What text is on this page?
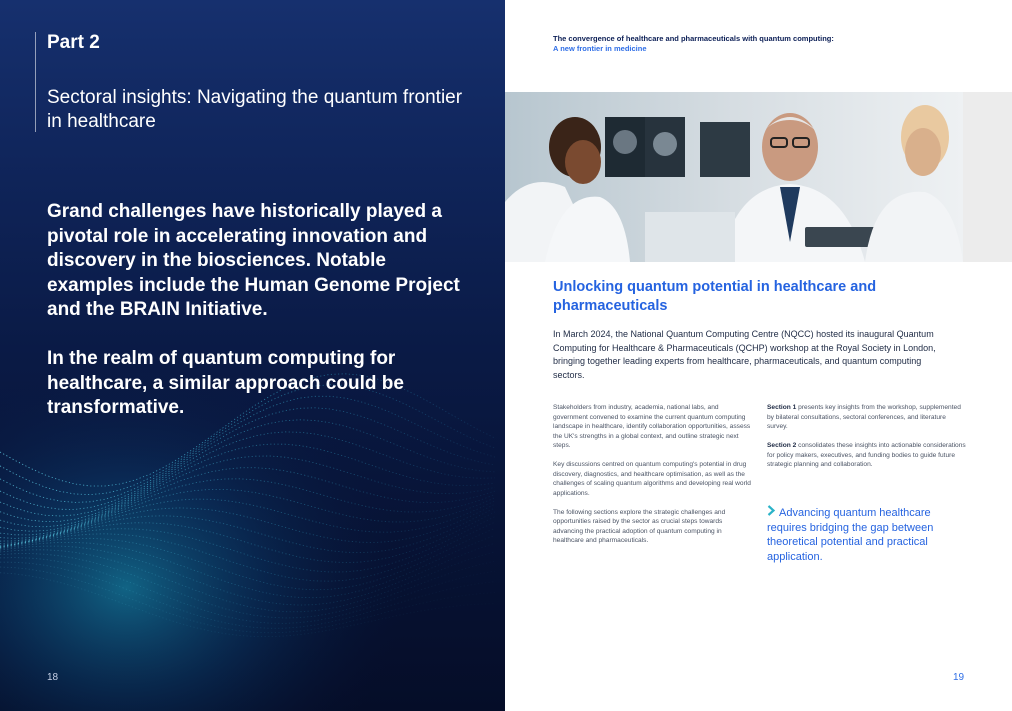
Part 2
Sectoral insights: Navigating the quantum frontier in healthcare

Grand challenges have historically played a pivotal role in accelerating innovation and discovery in the biosciences. Notable examples include the Human Genome Project and the BRAIN Initiative.

In the realm of quantum computing for healthcare, a similar approach could be transformative.

18
The convergence of healthcare and pharmaceuticals with quantum computing:
A new frontier in medicine
Unlocking quantum potential in healthcare and pharmaceuticals

In March 2024, the National Quantum Computing Centre (NQCC) hosted its inaugural Quantum Computing for Healthcare & Pharmaceuticals (QCHP) workshop at the Royal Society in London, bringing together leading experts from healthcare, pharmaceuticals, and quantum computing sectors.

Stakeholders from industry, academia, national labs, and government convened to examine the current quantum computing landscape in healthcare, identify collaboration opportunities, assess the UK's strengths in a global context, and outline strategic next steps.

Key discussions centred on quantum computing's potential in drug discovery, diagnostics, and healthcare optimisation, as well as the challenges of scaling quantum algorithms and developing real world applications.

The following sections explore the strategic challenges and opportunities raised by the sector as crucial steps towards advancing the practical adoption of quantum computing in healthcare and pharmaceuticals.

Section 1 presents key insights from the workshop, supplemented by bilateral consultations, sectoral conferences, and literature survey.

Section 2 consolidates these insights into actionable considerations for policy makers, executives, and funding bodies to guide future strategic planning and collaboration.

Advancing quantum healthcare requires bridging the gap between theoretical potential and practical application.
19
